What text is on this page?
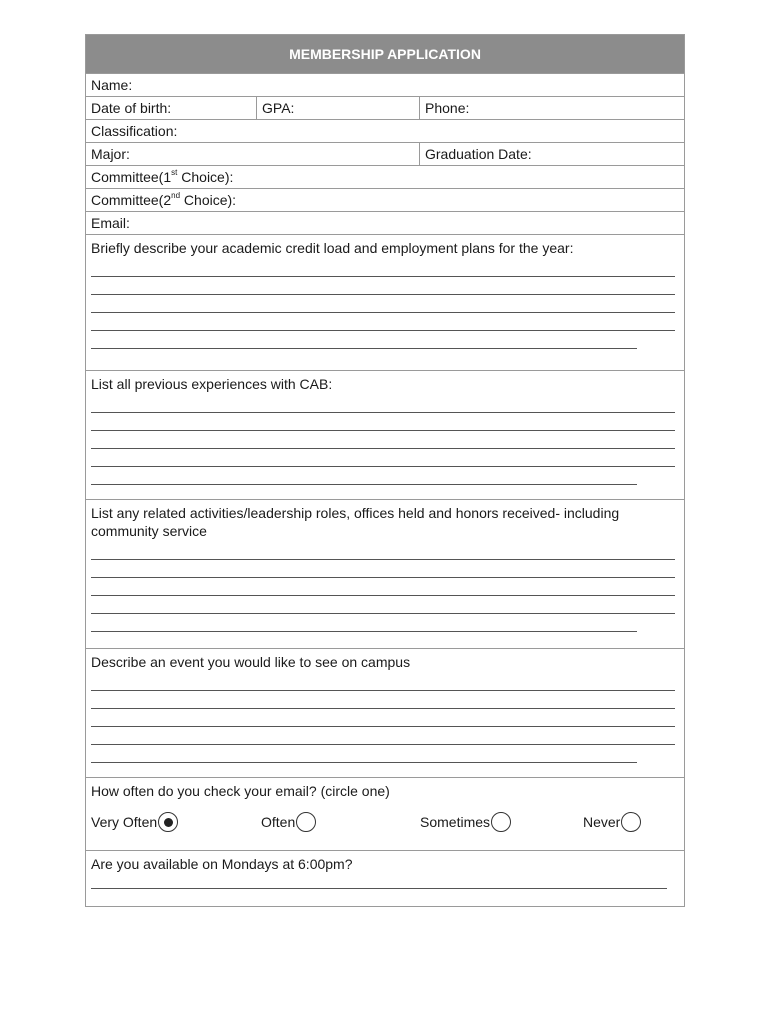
MEMBERSHIP APPLICATION
Name:
Date of birth:	GPA:	Phone:
Classification:
Major:	Graduation Date:
Committee(1st Choice):
Committee(2nd Choice):
Email:
Briefly describe your academic credit load and employment plans for the year:
List all previous experiences with CAB:
List any related activities/leadership roles, offices held and honors received- including community service
Describe an event you would like to see on campus
How often do you check your email? (circle one)
Very Often	Often	Sometimes	Never
Are you available on Mondays at 6:00pm?
